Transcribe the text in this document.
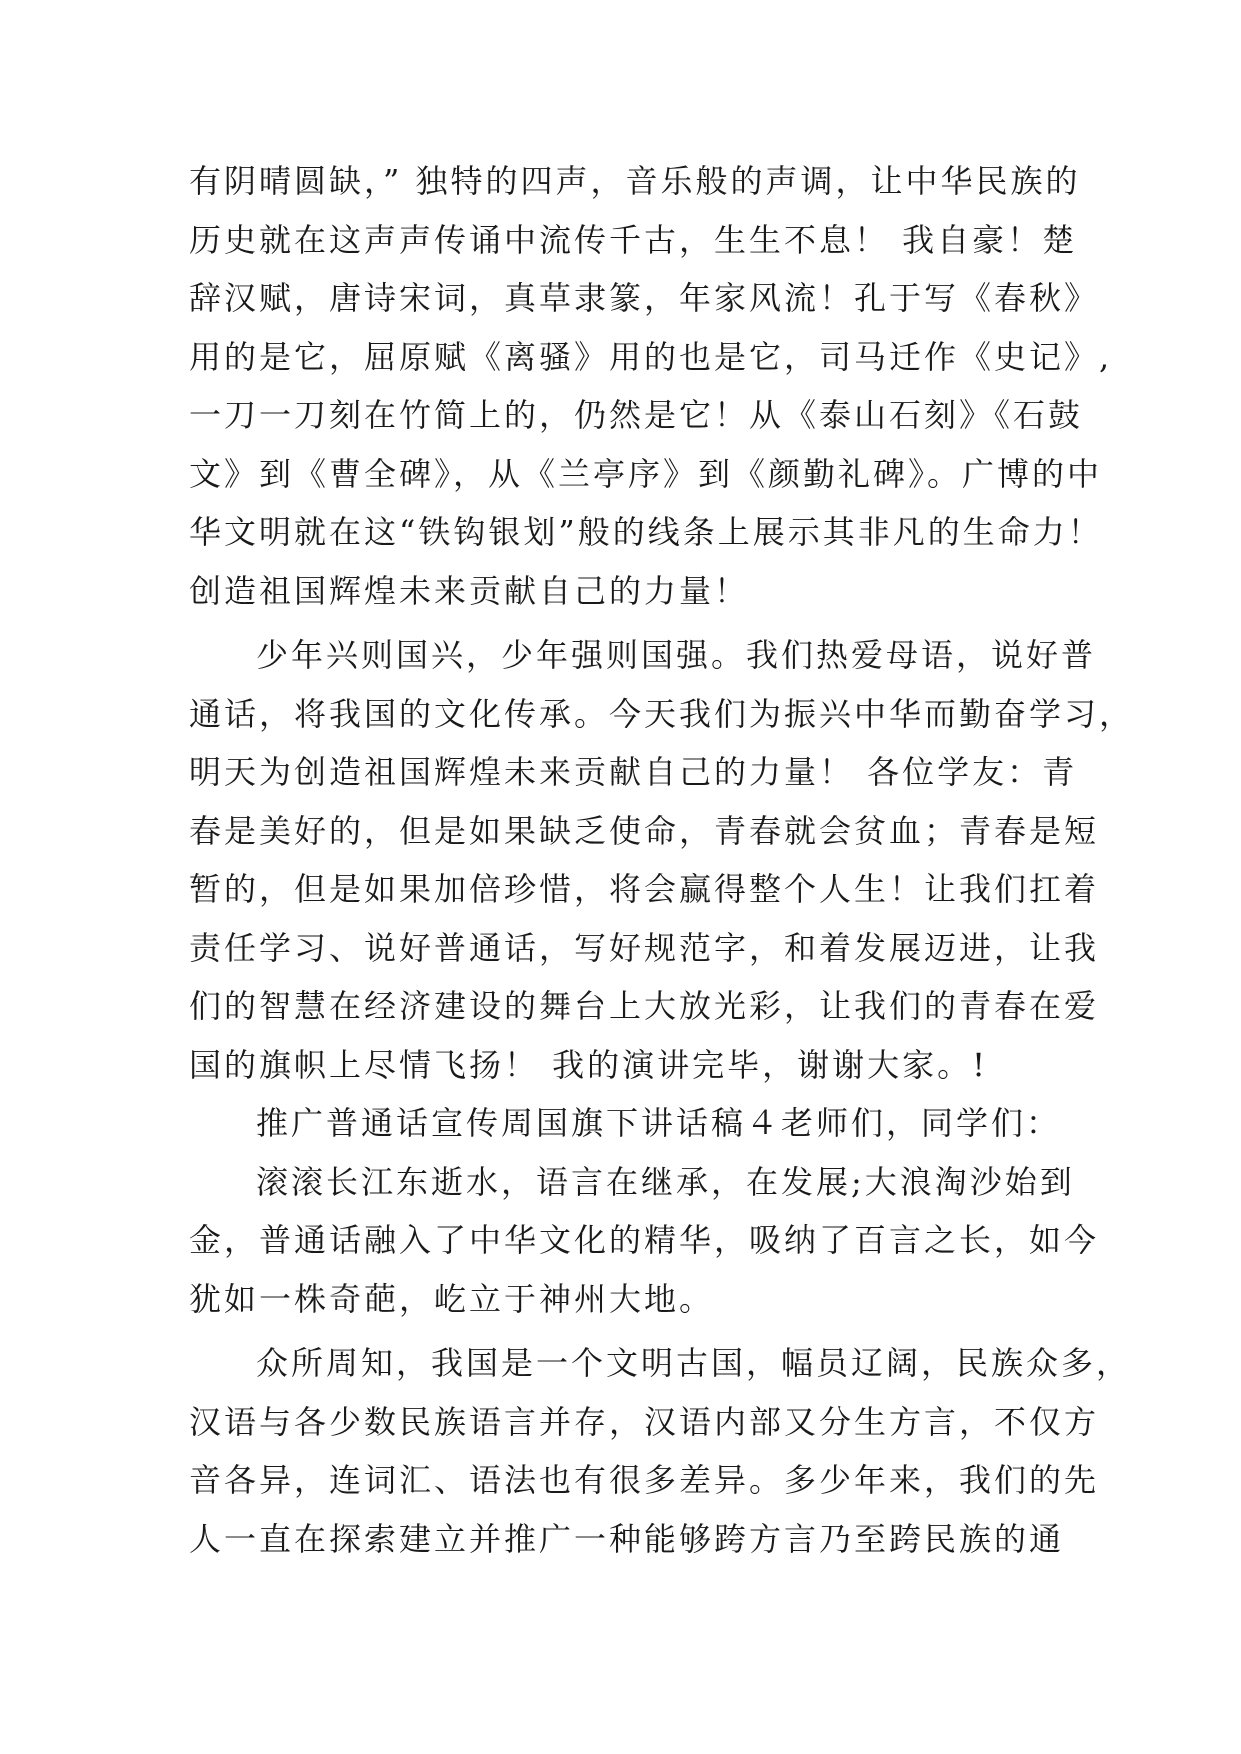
有阴晴圆缺，” 独特的四声，音乐般的声调，让中华民族的
历史就在这声声传诵中流传千古，生生不息！ 我自豪！楚
辞汉赋，唐诗宋词，真草隶篆，年家风流！孔于写《春秋》
用的是它，屈原赋《离骚》用的也是它，司马迁作《史记》,
一刀一刀刻在竹简上的，仍然是它！从《泰山石刻》《石鼓
文》到《曹全碑》，从《兰亭序》到《颜勤礼碑》。广博的中
华文明就在这“铁钩银划”般的线条上展示其非凡的生命力！
创造祖国辉煌未来贡献自己的力量！
少年兴则国兴，少年强则国强。我们热爱母语，说好普
通话，将我国的文化传承。今天我们为振兴中华而勤奋学习，
明天为创造祖国辉煌未来贡献自己的力量！ 各位学友：青
春是美好的，但是如果缺乏使命，青春就会贫血；青春是短
暂的，但是如果加倍珍惜，将会赢得整个人生！让我们扛着
责任学习、说好普通话，写好规范字，和着发展迈进，让我
们的智慧在经济建设的舞台上大放光彩，让我们的青春在爱
国的旗帜上尽情飞扬！ 我的演讲完毕，谢谢大家。!
推广普通话宣传周国旗下讲话稿４老师们，同学们：
滚滚长江东逝水，语言在继承，在发展;大浪淘沙始到
金，普通话融入了中华文化的精华，吸纳了百言之长，如今
犹如一株奇葩，屹立于神州大地。
众所周知，我国是一个文明古国，幅员辽阔，民族众多，
汉语与各少数民族语言并存，汉语内部又分生方言，不仅方
音各异，连词汇、语法也有很多差异。多少年来，我们的先
人一直在探索建立并推广一种能够跨方言乃至跨民族的通
